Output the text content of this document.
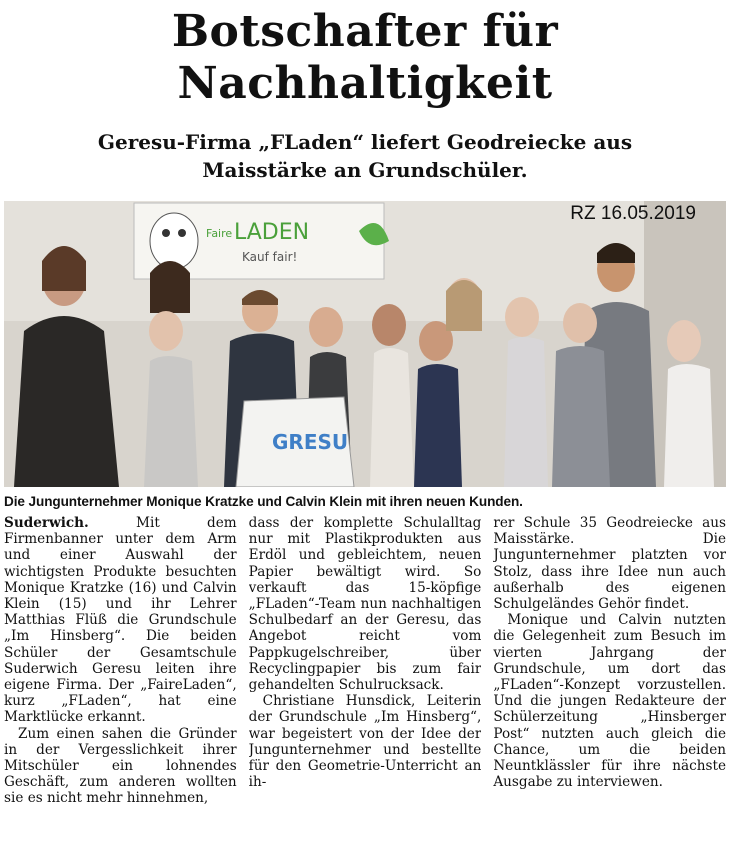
Botschafter für
Nachhaltigkeit
Geresu-Firma „FLaden“ liefert Geodreiecke aus
Maisstärke an Grundschüler.
Faire LADEN
Kauf fair!
GRESU
RZ 16.05.2019
Die Jungunternehmer Monique Kratzke und Calvin Klein mit ihren neuen Kunden.

Suderwich.	Mit dem Firmenbanner unter dem Arm und einer Auswahl der wichtigsten Produkte besuchten Monique Kratzke (16) und Calvin Klein (15) und ihr Lehrer Matthias Flüß die Grundschule „Im Hinsberg“. Die beiden Schüler der Gesamtschule Suderwich Geresu leiten ihre eigene Firma. Der „FaireLaden“, kurz „FLaden“, hat eine Marktlücke erkannt.

Zum einen sahen die Gründer in der Vergesslichkeit ihrer Mitschüler ein lohnendes Geschäft, zum anderen wollten sie es nicht mehr hinnehmen,

dass der komplette Schulalltag nur mit Plastikprodukten aus Erdöl und gebleichtem, neuen Papier bewältigt wird. So verkauft das 15-köpfige „FLaden“-Team nun nachhaltigen Schulbedarf an der Geresu, das Angebot reicht vom Pappkugelschreiber, über Recyclingpapier bis zum fair gehandelten Schulrucksack.

Christiane Hunsdick, Leiterin der Grundschule „Im Hinsberg“, war begeistert von der Idee der Jungunternehmer und bestellte für den Geometrie-Unterricht an ih-

rer Schule 35 Geodreiecke aus Maisstärke. Die Jungunternehmer platzten vor Stolz, dass ihre Idee nun auch außerhalb des eigenen Schulgeländes Gehör findet.

Monique und Calvin nutzten die Gelegenheit zum Besuch im vierten Jahrgang der Grundschule, um dort das „FLaden“-Konzept vorzustellen. Und die jungen Redakteure der Schülerzeitung „Hinsberger Post“ nutzten auch gleich die Chance, um die beiden Neuntklässler für ihre nächste Ausgabe zu interviewen.
